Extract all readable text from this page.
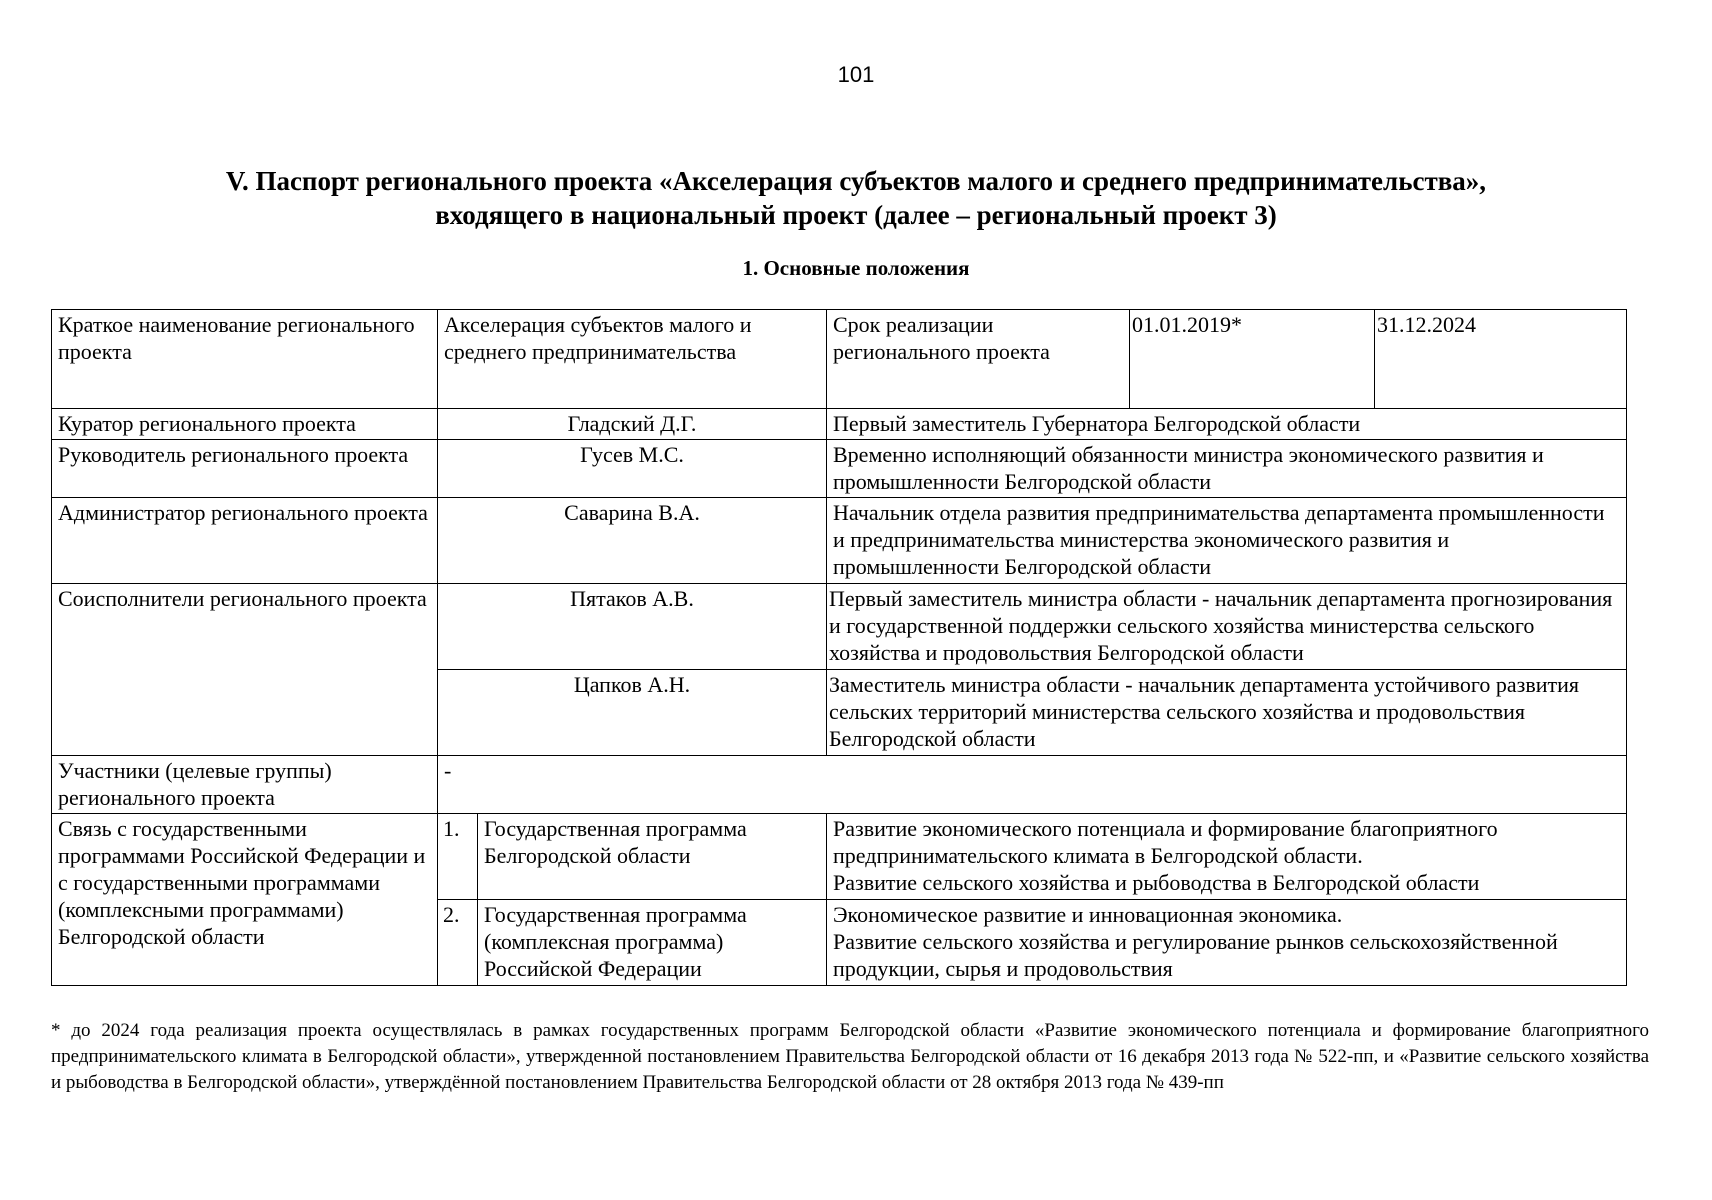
101
V. Паспорт регионального проекта «Акселерация субъектов малого и среднего предпринимательства»,
входящего в национальный проект (далее – региональный проект 3)
1. Основные положения
Краткое наименование регионального проекта	Акселерация субъектов малого и среднего предпринимательства		Срок реализации регионального проекта	01.01.2019*	31.12.2024
Куратор регионального проекта	Гладский Д.Г.		Первый заместитель Губернатора Белгородской области		
Руководитель регионального проекта	Гусев М.С.		Временно исполняющий обязанности министра экономического развития и промышленности Белгородской области		
Администратор регионального проекта	Саварина В.А.		Начальник отдела развития предпринимательства департамента промышленности и предпринимательства министерства экономического развития и промышленности Белгородской области		
Соисполнители регионального проекта	Пятаков А.В.		Первый заместитель министра области - начальник департамента прогнозирования и государственной поддержки сельского хозяйства министерства сельского хозяйства и продовольствия Белгородской области		
	Цапков А.Н.		Заместитель министра области - начальник департамента устойчивого развития сельских территорий министерства сельского хозяйства и продовольствия Белгородской области		
Участники (целевые группы) регионального проекта	-				
Связь с государственными программами Российской Федерации и с государственными программами (комплексными программами) Белгородской области	1.	Государственная программа Белгородской области	Развитие экономического потенциала и формирование благоприятного предпринимательского климата в Белгородской области.
Развитие сельского хозяйства и рыбоводства в Белгородской области		

	2.	Государственная программа (комплексная программа) Российской Федерации	Экономическое развитие и инновационная экономика.
Развитие сельского хозяйства и регулирование рынков сельскохозяйственной продукции, сырья и продовольствия		
* до 2024 года реализация проекта осуществлялась в рамках государственных программ Белгородской области «Развитие экономического потенциала и формирование благоприятного предпринимательского климата в Белгородской области», утвержденной постановлением Правительства Белгородской области от 16 декабря 2013 года № 522-пп, и «Развитие сельского хозяйства и рыбоводства в Белгородской области», утверждённой постановлением Правительства Белгородской области от 28 октября 2013 года № 439-пп
